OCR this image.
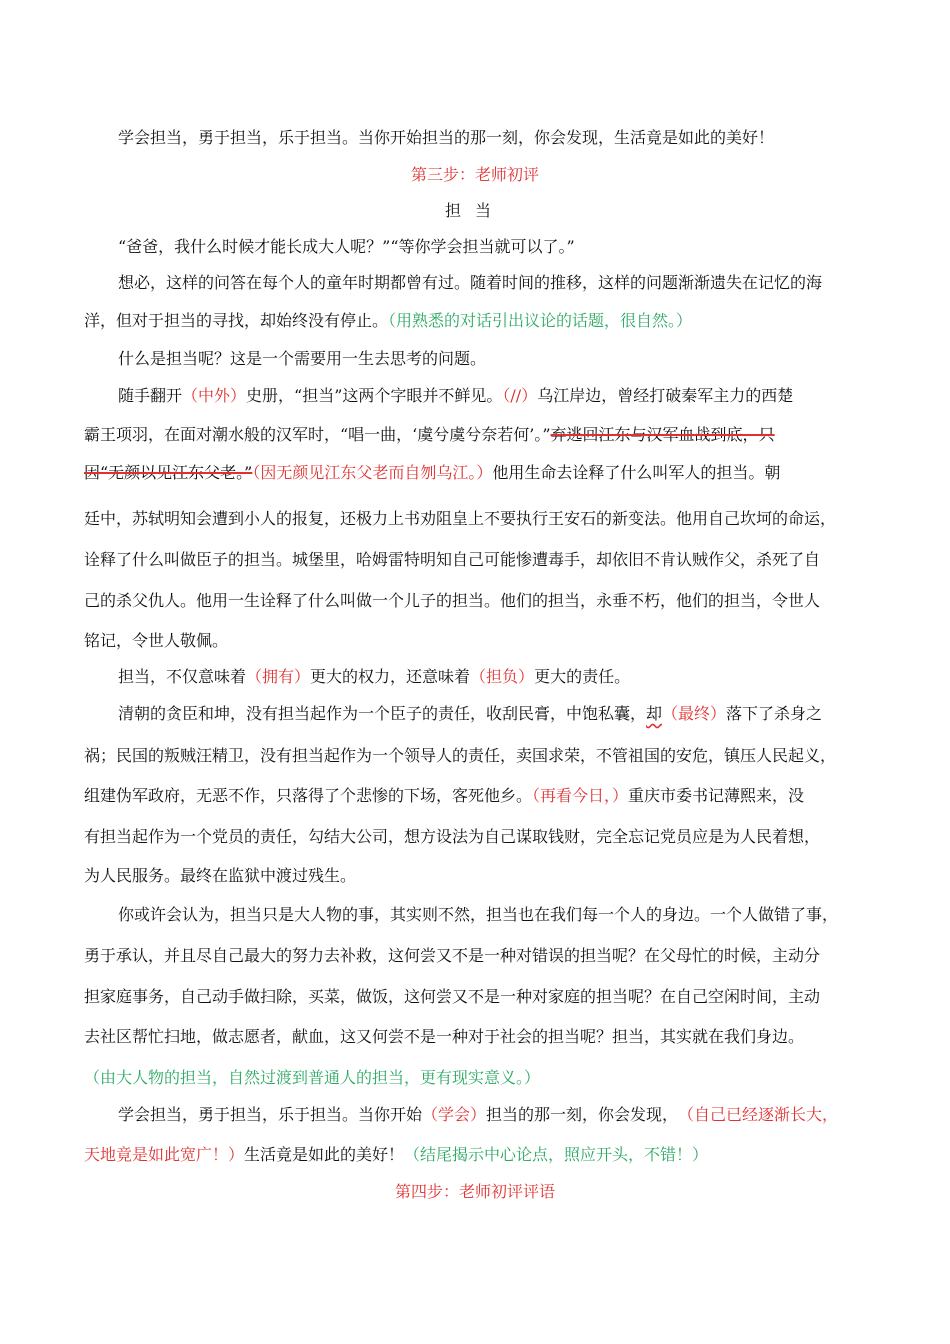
学会担当，勇于担当，乐于担当。当你开始担当的那一刻，你会发现，生活竟是如此的美好！
第三步：老师初评
担当
“爸爸，我什么时候才能长成大人呢？”“等你学会担当就可以了。”
想必，这样的问答在每个人的童年时期都曾有过。随着时间的推移，这样的问题渐渐遗失在记忆的海
洋，但对于担当的寻找，却始终没有停止。（用熟悉的对话引出议论的话题，很自然。）
什么是担当呢？这是一个需要用一生去思考的问题。
随手翻开（中外）史册，“担当”这两个字眼并不鲜见。（//）乌江岸边，曾经打破秦军主力的西楚
霸王项羽，在面对潮水般的汉军时，“唱一曲，‘虞兮虞兮奈若何’。”弃逃回江东与汉军血战到底，只
因“无颜以见江东父老。”（因无颜见江东父老而自刎乌江。）他用生命去诠释了什么叫军人的担当。朝
廷中，苏轼明知会遭到小人的报复，还极力上书劝阻皇上不要执行王安石的新变法。他用自己坎坷的命运，
诠释了什么叫做臣子的担当。城堡里，哈姆雷特明知自己可能惨遭毒手，却依旧不肯认贼作父，杀死了自
己的杀父仇人。他用一生诠释了什么叫做一个儿子的担当。他们的担当，永垂不朽，他们的担当，令世人
铭记，令世人敬佩。
担当，不仅意味着（拥有）更大的权力，还意味着（担负）更大的责任。
清朝的贪臣和坤，没有担当起作为一个臣子的责任，收刮民膏，中饱私囊，却（最终）落下了杀身之
祸；民国的叛贼汪精卫，没有担当起作为一个领导人的责任，卖国求荣，不管祖国的安危，镇压人民起义，
组建伪军政府，无恶不作，只落得了个悲惨的下场，客死他乡。（再看今日，）重庆市委书记薄熙来，没
有担当起作为一个党员的责任，勾结大公司，想方设法为自己谋取钱财，完全忘记党员应是为人民着想，
为人民服务。最终在监狱中渡过残生。
你或许会认为，担当只是大人物的事，其实则不然，担当也在我们每一个人的身边。一个人做错了事，
勇于承认，并且尽自己最大的努力去补救，这何尝又不是一种对错误的担当呢？在父母忙的时候，主动分
担家庭事务，自己动手做扫除，买菜，做饭，这何尝又不是一种对家庭的担当呢？在自己空闲时间，主动
去社区帮忙扫地，做志愿者，献血，这又何尝不是一种对于社会的担当呢？担当，其实就在我们身边。
（由大人物的担当，自然过渡到普通人的担当，更有现实意义。）
学会担当，勇于担当，乐于担当。当你开始（学会）担当的那一刻，你会发现， （自己已经逐渐长大，
天地竟是如此宽广！）生活竟是如此的美好！（结尾揭示中心论点，照应开头，不错！）
第四步：老师初评评语
